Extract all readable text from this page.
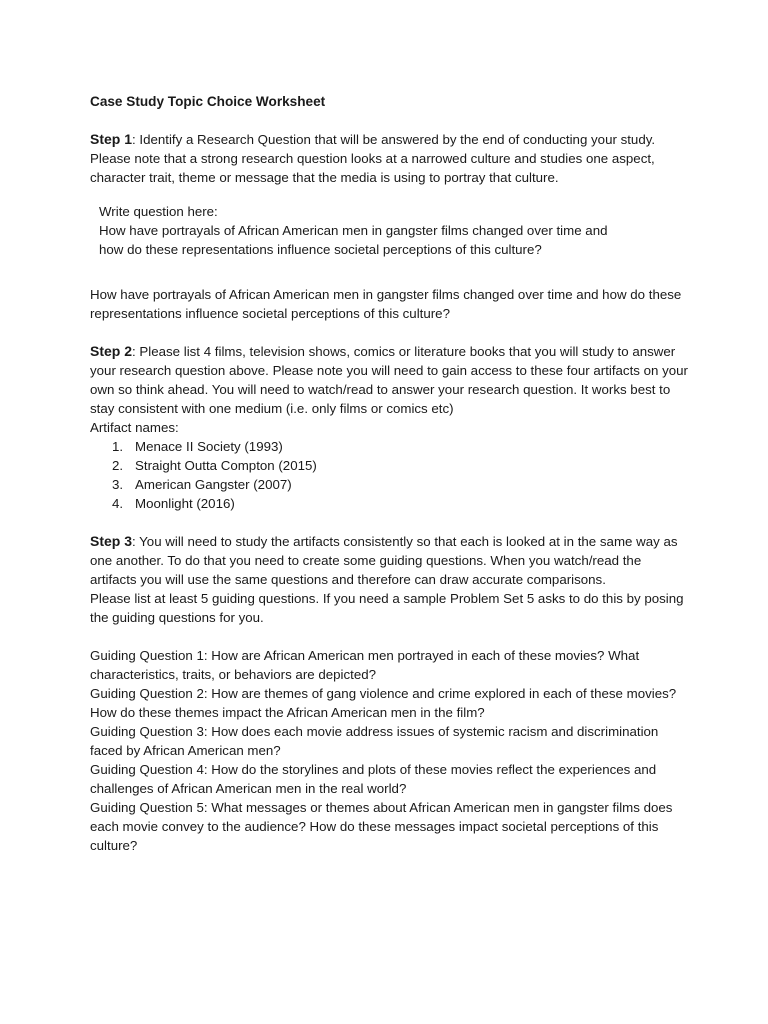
Case Study Topic Choice Worksheet

Step 1: Identify a Research Question that will be answered by the end of conducting your study. Please note that a strong research question looks at a narrowed culture and studies one aspect, character trait, theme or message that the media is using to portray that culture.

Write question here:

How have portrayals of African American men in gangster films changed over time and

how do these representations influence societal perceptions of this culture?

How have portrayals of African American men in gangster films changed over time and how do these representations influence societal perceptions of this culture?

Step 2: Please list 4 films, television shows, comics or literature books that you will study to answer your research question above. Please note you will need to gain access to these four artifacts on your own so think ahead. You will need to watch/read to answer your research question. It works best to stay consistent with one medium (i.e. only films or comics etc)

Artifact names:

1. Menace II Society (1993)
2. Straight Outta Compton (2015)
3. American Gangster (2007)
4. Moonlight (2016)

Step 3: You will need to study the artifacts consistently so that each is looked at in the same way as one another. To do that you need to create some guiding questions. When you watch/read the artifacts you will use the same questions and therefore can draw accurate comparisons.

Please list at least 5 guiding questions. If you need a sample Problem Set 5 asks to do this by posing the guiding questions for you.

Guiding Question 1: How are African American men portrayed in each of these movies? What characteristics, traits, or behaviors are depicted?

Guiding Question 2: How are themes of gang violence and crime explored in each of these movies? How do these themes impact the African American men in the film?

Guiding Question 3: How does each movie address issues of systemic racism and discrimination faced by African American men?

Guiding Question 4: How do the storylines and plots of these movies reflect the experiences and challenges of African American men in the real world?

Guiding Question 5: What messages or themes about African American men in gangster films does each movie convey to the audience? How do these messages impact societal perceptions of this culture?
